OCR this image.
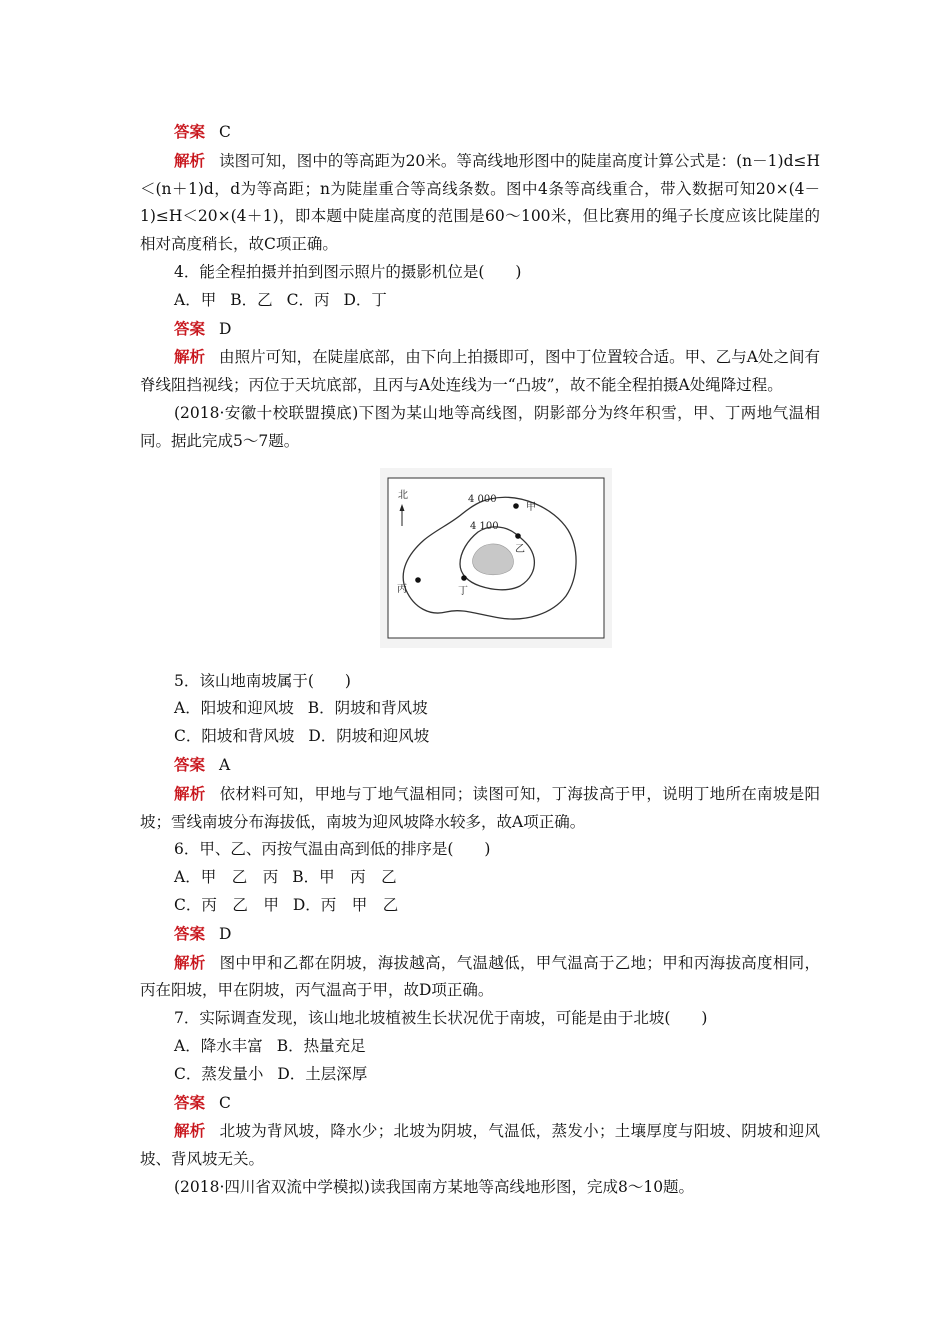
答案 C

解析 读图可知，图中的等高距为20米。等高线地形图中的陡崖高度计算公式是：(n－1)d≤H＜(n＋1)d，d为等高距；n为陡崖重合等高线条数。图中4条等高线重合，带入数据可知20×(4－1)≤H＜20×(4＋1)，即本题中陡崖高度的范围是60～100米，但比赛用的绳子长度应该比陡崖的相对高度稍长，故C项正确。

4．能全程拍摄并拍到图示照片的摄影机位是(　　)

A．甲 B．乙 C．丙 D．丁

答案 D

解析 由照片可知，在陡崖底部，由下向上拍摄即可，图中丁位置较合适。甲、乙与A处之间有脊线阻挡视线；丙位于天坑底部，且丙与A处连线为一“凸坡”，故不能全程拍摄A处绳降过程。

(2018·安徽十校联盟摸底)下图为某山地等高线图，阴影部分为终年积雪，甲、丁两地气温相同。据此完成5～7题。

北	4 000
4 100
甲
乙
丙	丁

5．该山地南坡属于(　　)

A．阳坡和迎风坡 B．阴坡和背风坡

C．阳坡和背风坡 D．阴坡和迎风坡

答案 A

解析 依材料可知，甲地与丁地气温相同；读图可知，丁海拔高于甲，说明丁地所在南坡是阳坡；雪线南坡分布海拔低，南坡为迎风坡降水较多，故A项正确。

6．甲、乙、丙按气温由高到低的排序是(　　)

A．甲　乙　丙 B．甲　丙　乙

C．丙　乙　甲 D．丙　甲　乙

答案 D

解析 图中甲和乙都在阴坡，海拔越高，气温越低，甲气温高于乙地；甲和丙海拔高度相同，丙在阳坡，甲在阴坡，丙气温高于甲，故D项正确。

7．实际调查发现，该山地北坡植被生长状况优于南坡，可能是由于北坡(　　)

A．降水丰富 B．热量充足

C．蒸发量小 D．土层深厚

答案 C

解析 北坡为背风坡，降水少；北坡为阴坡，气温低，蒸发小；土壤厚度与阳坡、阴坡和迎风坡、背风坡无关。

(2018·四川省双流中学模拟)读我国南方某地等高线地形图，完成8～10题。
